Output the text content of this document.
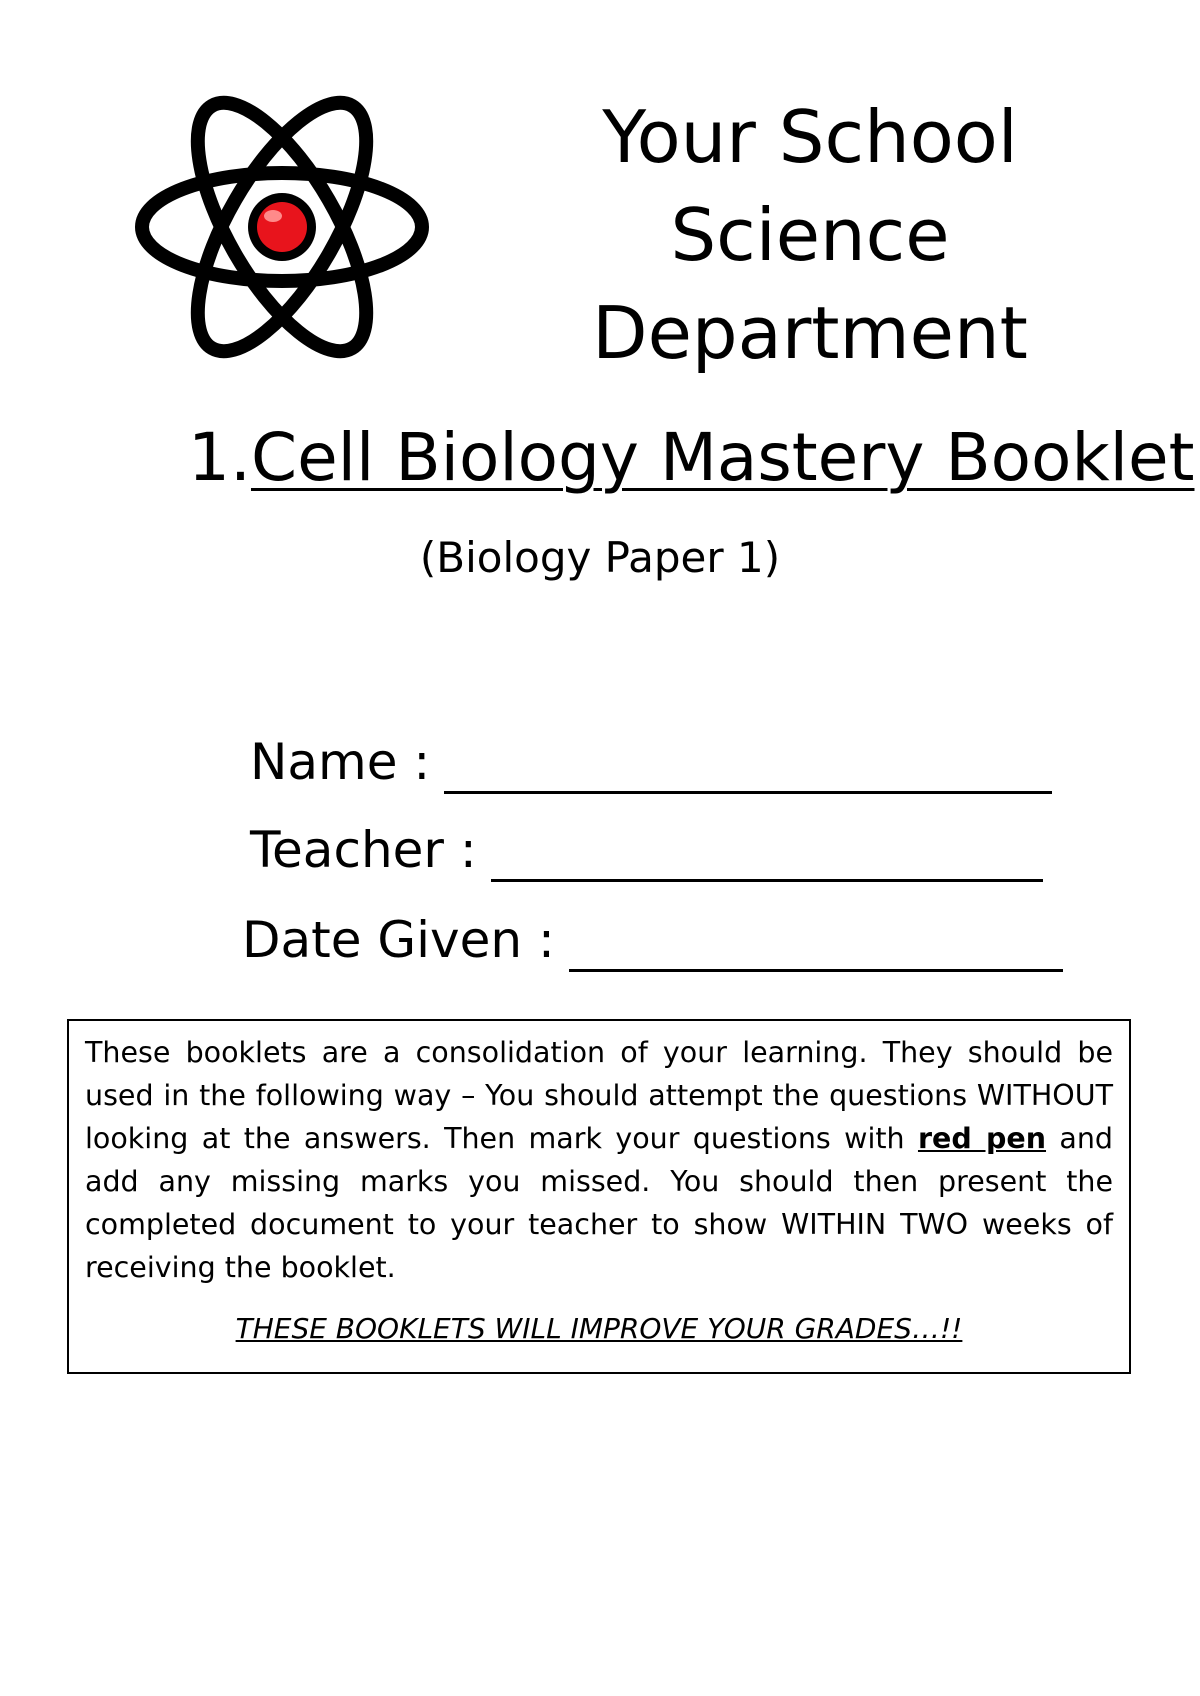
Your School Science
Department
1.Cell Biology Mastery Booklet
(Biology Paper 1)
Name :
Teacher :
Date Given :

These booklets are a consolidation of your learning. They should be used in the following way – You should attempt the questions WITHOUT looking at the answers. Then mark your questions with red pen and add any missing marks you missed. You should then present the completed document to your teacher to show WITHIN TWO weeks of receiving the booklet.

THESE BOOKLETS WILL IMPROVE YOUR GRADES…!!
